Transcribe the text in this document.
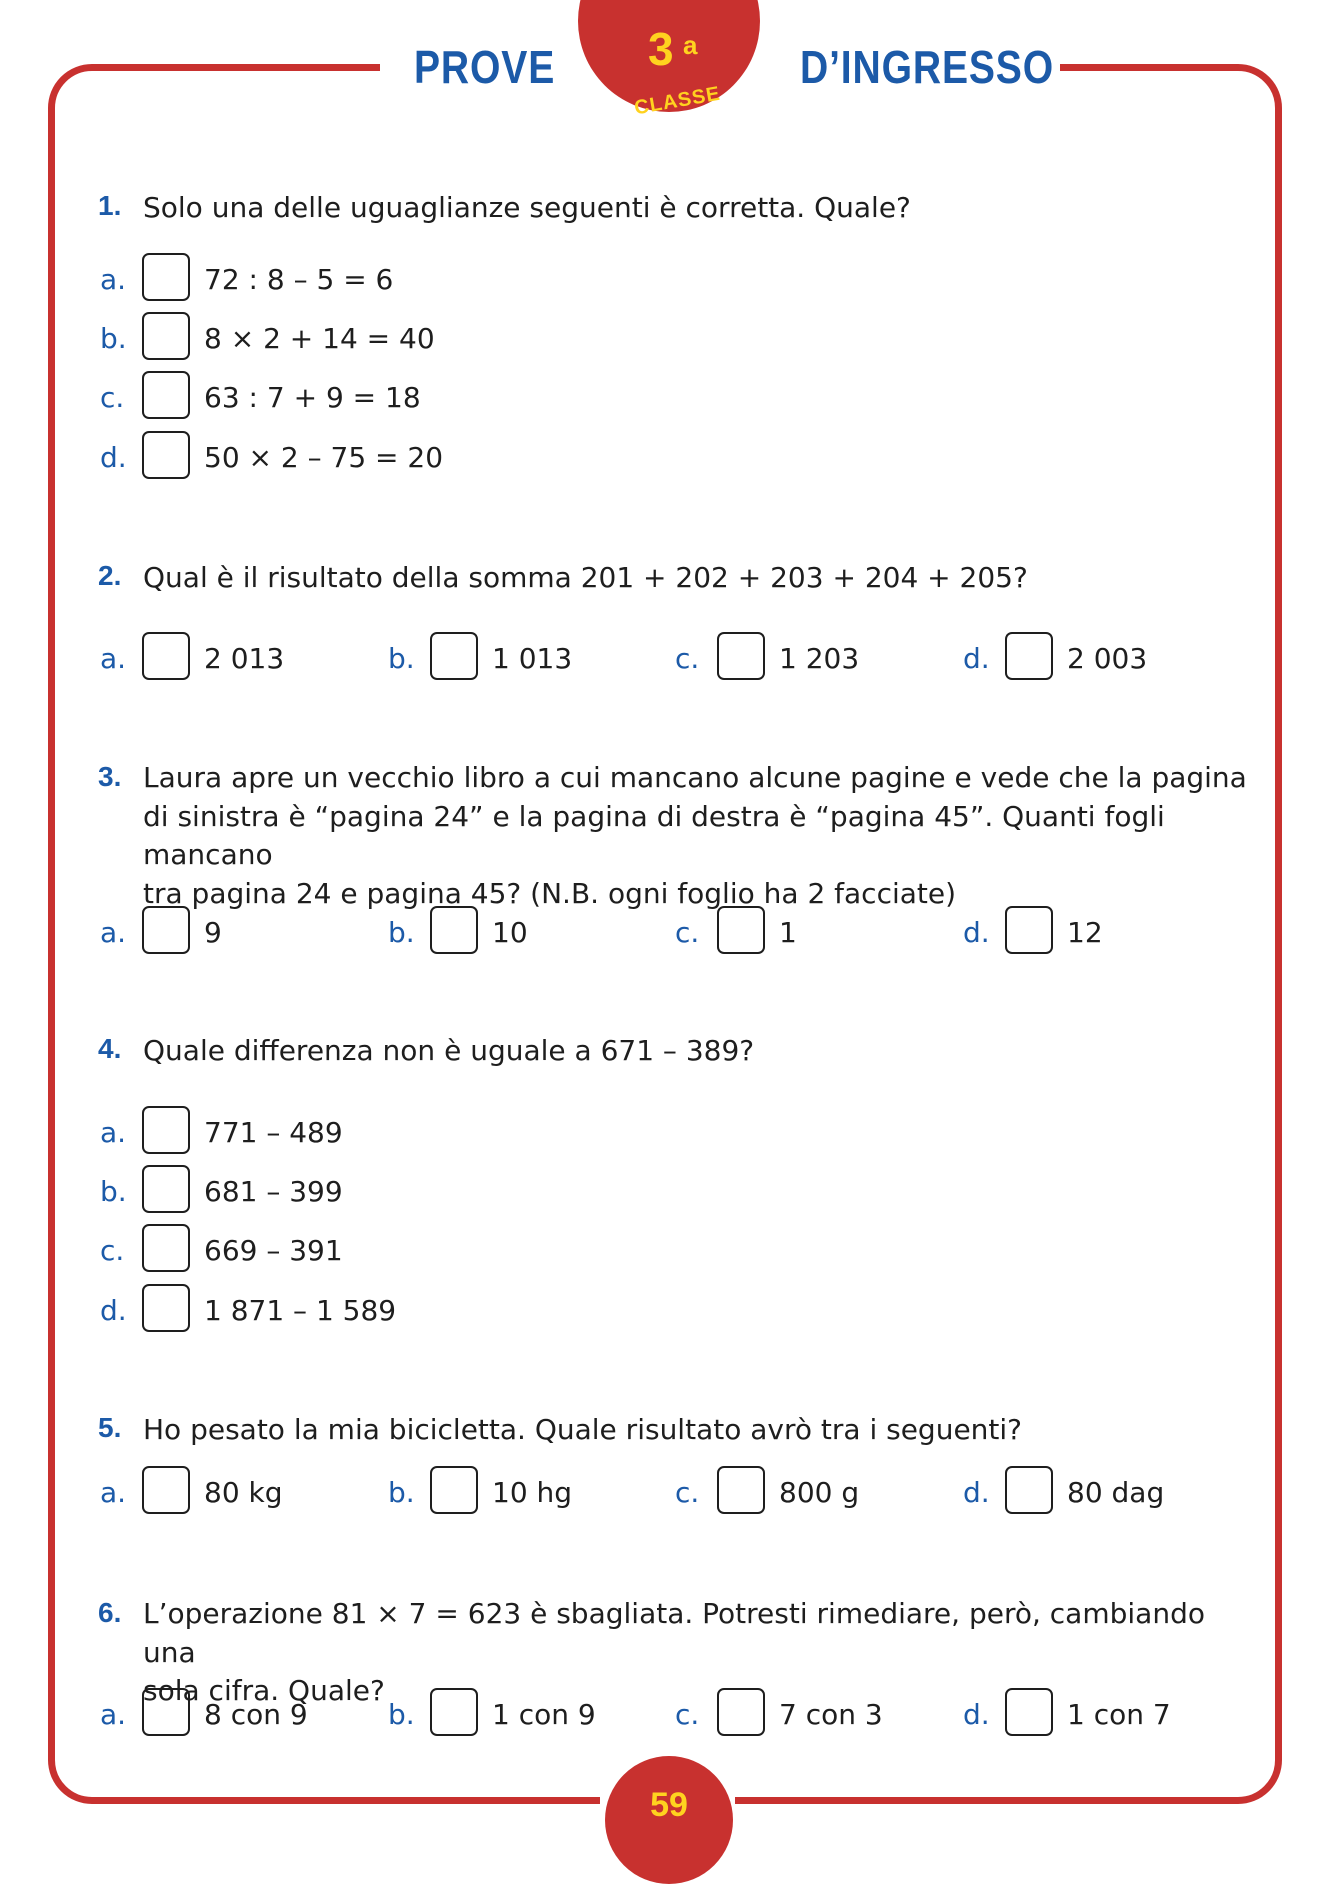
PROVE 3 a
CLASSE
D’INGRESSO
1. Solo una delle uguaglianze seguenti è corretta. Quale?
a.	72 : 8 – 5 = 6
b.	8 × 2 + 14 = 40
c.	63 : 7 + 9 = 18
d.	50 × 2 – 75 = 20
2. Qual è il risultato della somma 201 + 202 + 203 + 204 + 205?
a.	2 013	b.	1 013	c.	1 203	d.	2 003
3. Laura apre un vecchio libro a cui mancano alcune pagine e vede che la pagina
di sinistra è “pagina 24” e la pagina di destra è “pagina 45”. Quanti fogli mancano
tra pagina 24 e pagina 45? (N.B. ogni foglio ha 2 facciate)
a.	9	b.	10	c.	1	d.	12
4. Quale differenza non è uguale a 671 – 389?
a.	771 – 489
b.	681 – 399
c.	669 – 391
d.	1 871 – 1 589
5. Ho pesato la mia bicicletta. Quale risultato avrò tra i seguenti?
a.	80 kg	b.	10 hg	c.	800 g	d.	80 dag
6. L’operazione 81 × 7 = 623 è sbagliata. Potresti rimediare, però, cambiando una
sola cifra. Quale?
a.	8 con 9	b.	1 con 9	c.	7 con 3	d.	1 con 7
59
